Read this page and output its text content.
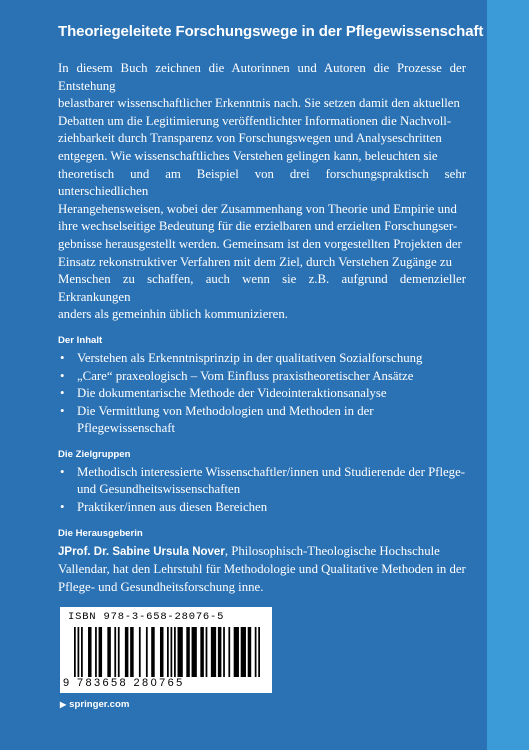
Theoriegeleitete Forschungswege in der Pflegewissenschaft

In diesem Buch zeichnen die Autorinnen und Autoren die Prozesse der Entstehung
belastbarer wissenschaftlicher Erkenntnis nach. Sie setzen damit den aktuellen
Debatten um die Legitimierung veröffentlichter Informationen die Nachvoll-
ziehbarkeit durch Transparenz von Forschungswegen und Analyseschritten
entgegen. Wie wissenschaftliches Verstehen gelingen kann, beleuchten sie
theoretisch und am Beispiel von drei forschungspraktisch sehr unterschiedlichen
Herangehensweisen, wobei der Zusammenhang von Theorie und Empirie und
ihre wechselseitige Bedeutung für die erzielbaren und erzielten Forschungser-
gebnisse herausgestellt werden. Gemeinsam ist den vorgestellten Projekten der
Einsatz rekonstruktiver Verfahren mit dem Ziel, durch Verstehen Zugänge zu
Menschen zu schaffen, auch wenn sie z.B. aufgrund demenzieller Erkrankungen
anders als gemeinhin üblich kommunizieren.

Der Inhalt
• Verstehen als Erkenntnisprinzip in der qualitativen Sozialforschung
• „Care“ praxeologisch – Vom Einfluss praxistheoretischer Ansätze
• Die dokumentarische Methode der Videointeraktionsanalyse
• Die Vermittlung von Methodologien und Methoden in der Pflegewissenschaft
Die Zielgruppen
• Methodisch interessierte Wissenschaftler/innen und Studierende der Pflege- und Gesundheitswissenschaften
• Praktiker/innen aus diesen Bereichen
Die Herausgeberin

JProf. Dr. Sabine Ursula Nover, Philosophisch-Theologische Hochschule Vallendar, hat den Lehrstuhl für Methodologie und Qualitative Methoden in der Pflege- und Gesundheitsforschung inne.

ISBN 978-3-658-28076-5
9 783658 280765
▶ springer.com
